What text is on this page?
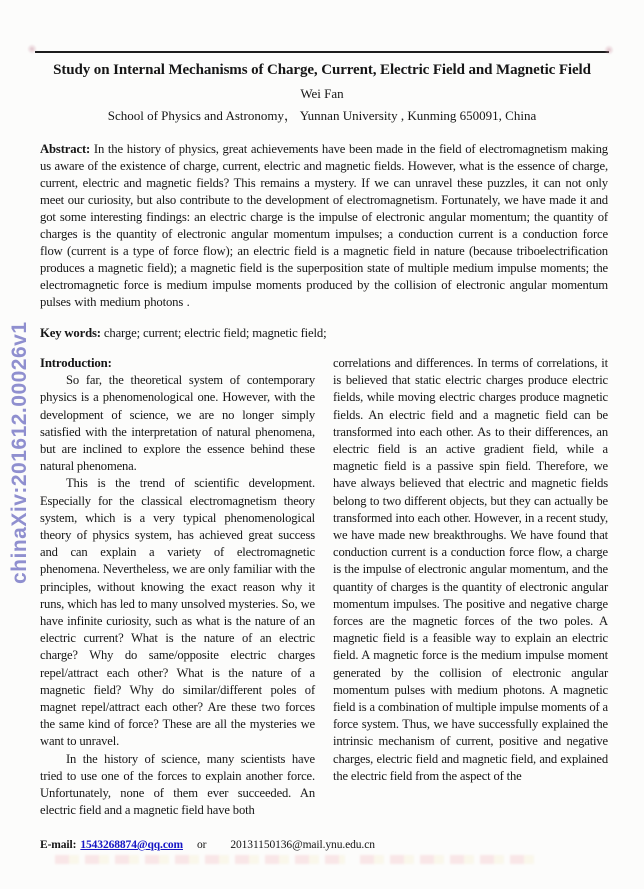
chinaXiv:201612.00026v1
Study on Internal Mechanisms of Charge, Current, Electric Field and Magnetic Field
Wei Fan
School of Physics and Astronomy， Yunnan University , Kunming 650091, China

Abstract: In the history of physics, great achievements have been made in the field of electromagnetism making us aware of the existence of charge, current, electric and magnetic fields. However, what is the essence of charge, current, electric and magnetic fields? This remains a mystery. If we can unravel these puzzles, it can not only meet our curiosity, but also contribute to the development of electromagnetism. Fortunately, we have made it and got some interesting findings: an electric charge is the impulse of electronic angular momentum; the quantity of charges is the quantity of electronic angular momentum impulses; a conduction current is a conduction force flow (current is a type of force flow); an electric field is a magnetic field in nature (because triboelectrification produces a magnetic field); a magnetic field is the superposition state of multiple medium impulse moments; the electromagnetic force is medium impulse moments produced by the collision of electronic angular momentum pulses with medium photons .

Key words: charge; current; electric field; magnetic field;

Introduction:

So far, the theoretical system of contemporary physics is a phenomenological one. However, with the development of science, we are no longer simply satisfied with the interpretation of natural phenomena, but are inclined to explore the essence behind these natural phenomena.

This is the trend of scientific development. Especially for the classical electromagnetism theory system, which is a very typical phenomenological theory of physics system, has achieved great success and can explain a variety of electromagnetic phenomena. Nevertheless, we are only familiar with the principles, without knowing the exact reason why it runs, which has led to many unsolved mysteries. So, we have infinite curiosity, such as what is the nature of an electric current? What is the nature of an electric charge? Why do same/opposite electric charges repel/attract each other? What is the nature of a magnetic field? Why do similar/different poles of magnet repel/attract each other? Are these two forces the same kind of force? These are all the mysteries we want to unravel.

In the history of science, many scientists have tried to use one of the forces to explain another force. Unfortunately, none of them ever succeeded. An electric field and a magnetic field have both

correlations and differences. In terms of correlations, it is believed that static electric charges produce electric fields, while moving electric charges produce magnetic fields. An electric field and a magnetic field can be transformed into each other. As to their differences, an electric field is an active gradient field, while a magnetic field is a passive spin field. Therefore, we have always believed that electric and magnetic fields belong to two different objects, but they can actually be transformed into each other. However, in a recent study, we have made new breakthroughs. We have found that conduction current is a conduction force flow, a charge is the impulse of electronic angular momentum, and the quantity of charges is the quantity of electronic angular momentum impulses. The positive and negative charge forces are the magnetic forces of the two poles. A magnetic field is a feasible way to explain an electric field. A magnetic force is the medium impulse moment generated by the collision of electronic angular momentum pulses with medium photons. A magnetic field is a combination of multiple impulse moments of a force system. Thus, we have successfully explained the intrinsic mechanism of current, positive and negative charges, electric field and magnetic field, and explained the electric field from the aspect of the

E-mail: 1543268874@qq.com or 20131150136@mail.ynu.edu.cn
